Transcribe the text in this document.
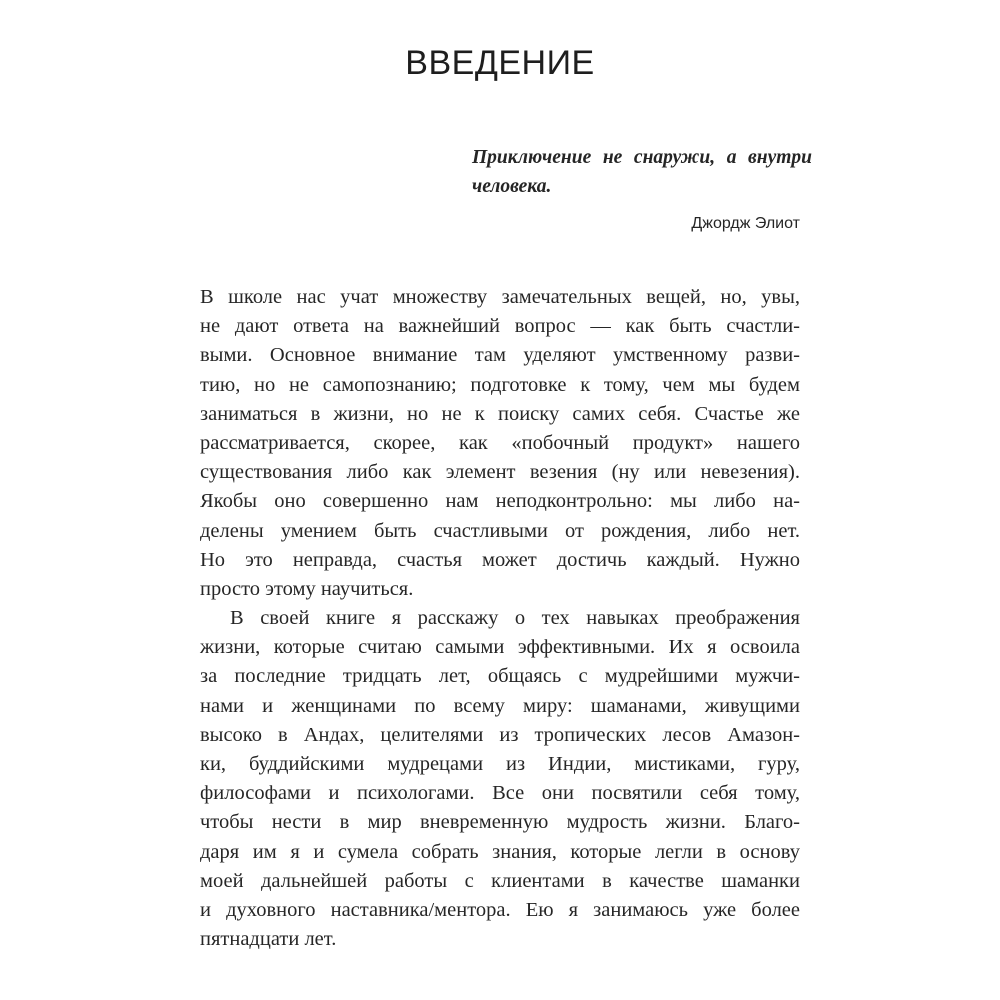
ВВЕДЕНИЕ
Приключение не снаружи, а внутри
человека.
Джордж Элиот
В школе нас учат множеству замечательных вещей, но, увы,
не дают ответа на важнейший вопрос — как быть счастли-
выми. Основное внимание там уделяют умственному разви-
тию, но не самопознанию; подготовке к тому, чем мы будем
заниматься в жизни, но не к поиску самих себя. Счастье же
рассматривается, скорее, как «побочный продукт» нашего
существования либо как элемент везения (ну или невезения).
Якобы оно совершенно нам неподконтрольно: мы либо на-
делены умением быть счастливыми от рождения, либо нет.
Но это неправда, счастья может достичь каждый. Нужно
просто этому научиться.
В своей книге я расскажу о тех навыках преображения
жизни, которые считаю самыми эффективными. Их я освоила
за последние тридцать лет, общаясь с мудрейшими мужчи-
нами и женщинами по всему миру: шаманами, живущими
высоко в Андах, целителями из тропических лесов Амазон-
ки, буддийскими мудрецами из Индии, мистиками, гуру,
философами и психологами. Все они посвятили себя тому,
чтобы нести в мир вневременную мудрость жизни. Благо-
даря им я и сумела собрать знания, которые легли в основу
моей дальнейшей работы с клиентами в качестве шаманки
и духовного наставника/ментора. Ею я занимаюсь уже более
пятнадцати лет.
